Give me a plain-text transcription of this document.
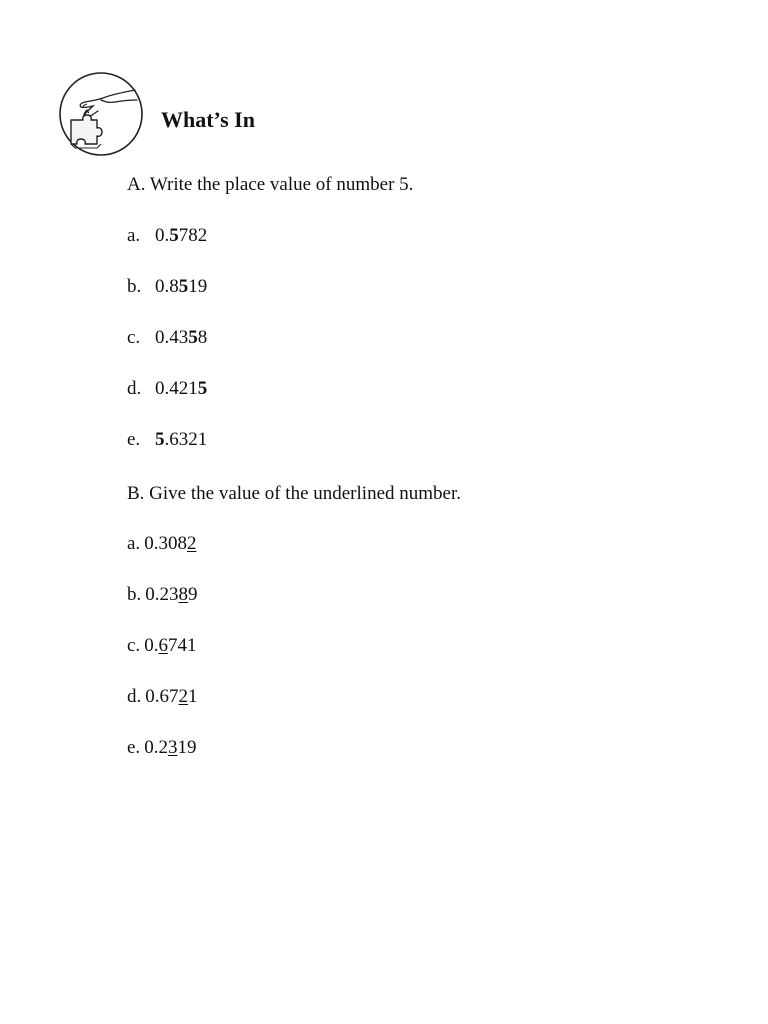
What’s In
A. Write the place value of number 5.
a. 0.5782
b. 0.8519
c. 0.4358
d. 0.4215
e. 5.6321
B. Give the value of the underlined number.
a. 0.3082
b. 0.2389
c. 0.6741
d. 0.6721
e. 0.2319
